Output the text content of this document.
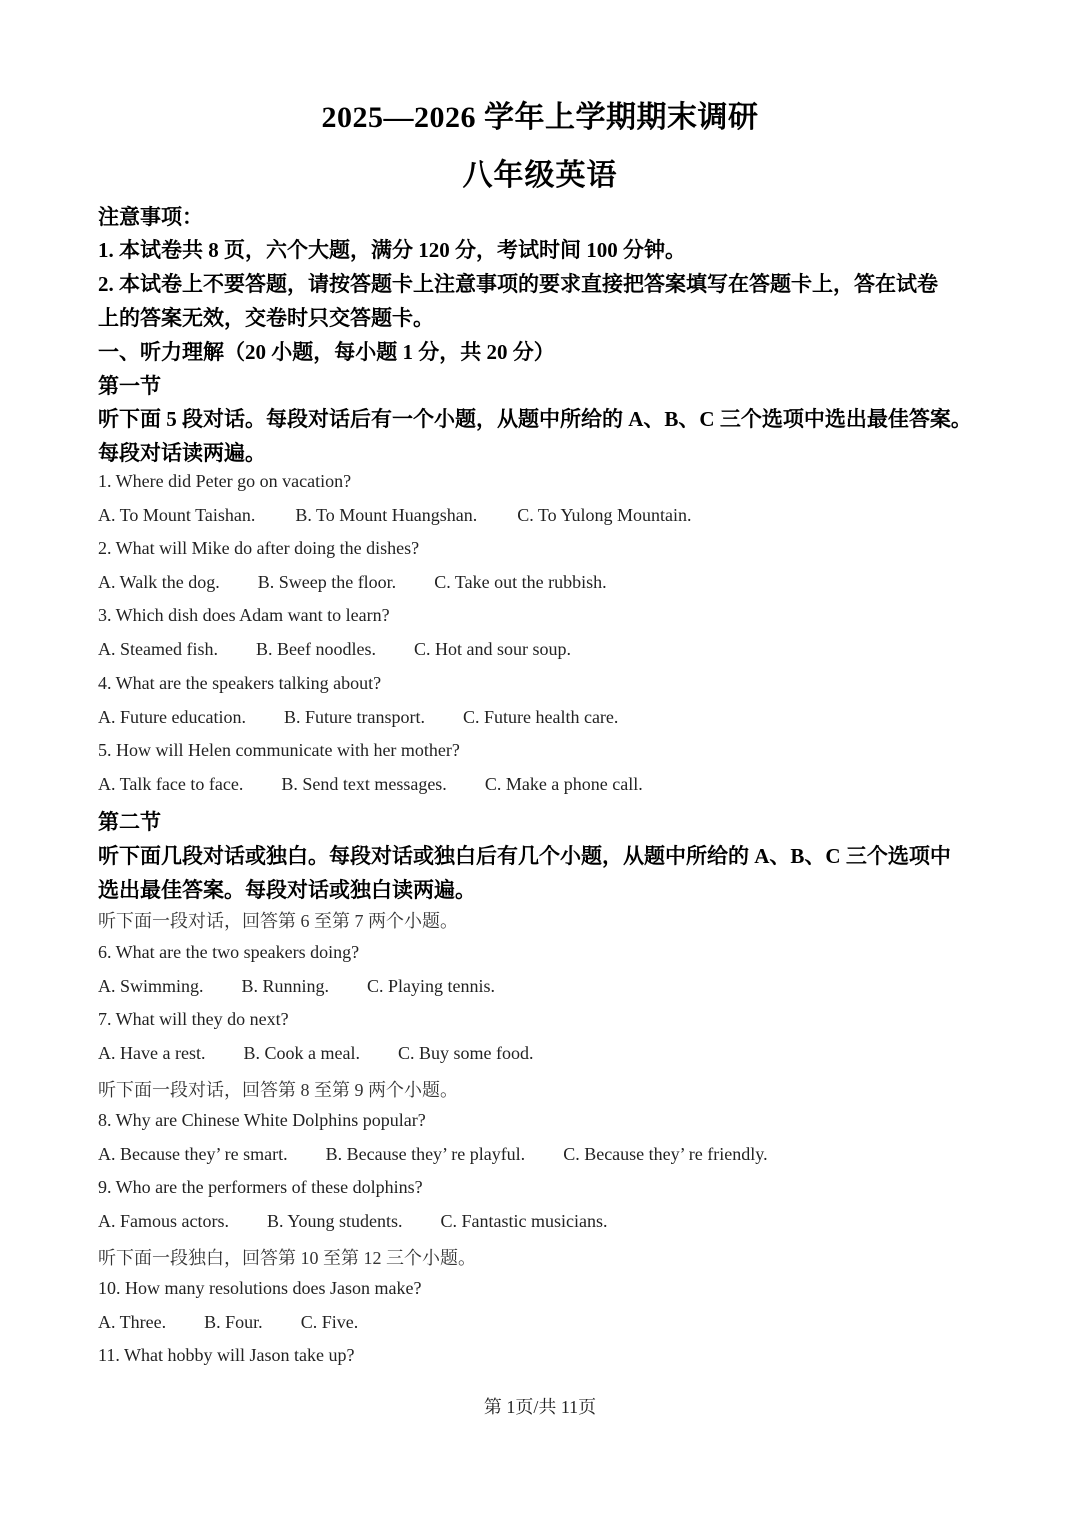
2025—2026 学年上学期期末调研
八年级英语
注意事项：
1. 本试卷共 8 页，六个大题，满分 120 分，考试时间 100 分钟。
2. 本试卷上不要答题，请按答题卡上注意事项的要求直接把答案填写在答题卡上，答在试卷
上的答案无效，交卷时只交答题卡。
一、听力理解（20 小题，每小题 1 分，共 20 分）
第一节
听下面 5 段对话。每段对话后有一个小题，从题中所给的 A、B、C 三个选项中选出最佳答案。
每段对话读两遍。
1. Where did Peter go on vacation?
A. To Mount Taishan. B. To Mount Huangshan. C. To Yulong Mountain.
2. What will Mike do after doing the dishes?
A. Walk the dog. B. Sweep the floor. C. Take out the rubbish.
3. Which dish does Adam want to learn?
A. Steamed fish. B. Beef noodles. C. Hot and sour soup.
4. What are the speakers talking about?
A. Future education. B. Future transport. C. Future health care.
5. How will Helen communicate with her mother?
A. Talk face to face. B. Send text messages. C. Make a phone call.
第二节
听下面几段对话或独白。每段对话或独白后有几个小题，从题中所给的 A、B、C 三个选项中
选出最佳答案。每段对话或独白读两遍。
听下面一段对话，回答第 6 至第 7 两个小题。
6. What are the two speakers doing?
A. Swimming. B. Running. C. Playing tennis.
7. What will they do next?
A. Have a rest. B. Cook a meal. C. Buy some food.
听下面一段对话，回答第 8 至第 9 两个小题。
8. Why are Chinese White Dolphins popular?
A. Because they’ re smart. B. Because they’ re playful. C. Because they’ re friendly.
9. Who are the performers of these dolphins?
A. Famous actors. B. Young students. C. Fantastic musicians.
听下面一段独白，回答第 10 至第 12 三个小题。
10. How many resolutions does Jason make?
A. Three. B. Four. C. Five.
11. What hobby will Jason take up?
第 1页/共 11页
